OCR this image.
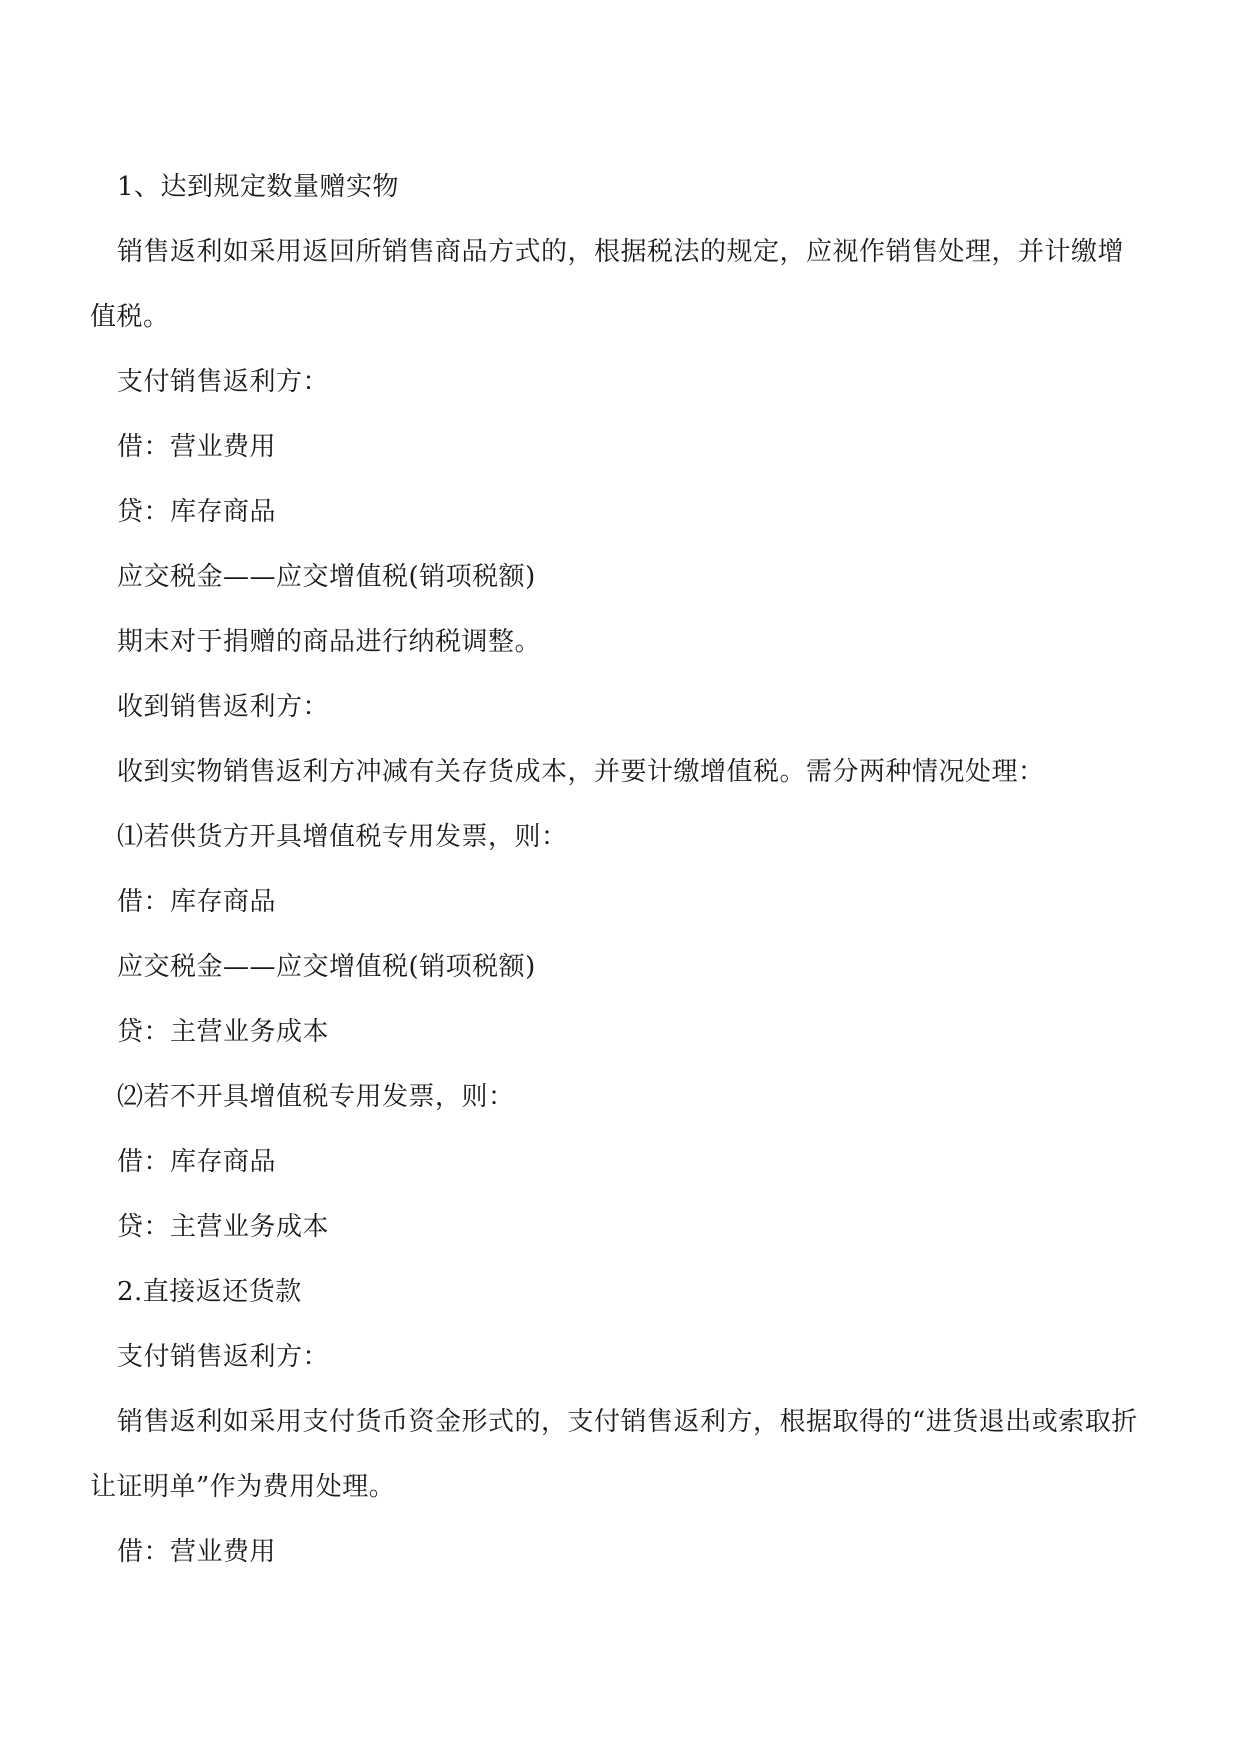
1、达到规定数量赠实物

销售返利如采用返回所销售商品方式的，根据税法的规定，应视作销售处理，并计缴增值税。

支付销售返利方：

借：营业费用

贷：库存商品

应交税金——应交增值税(销项税额)

期末对于捐赠的商品进行纳税调整。

收到销售返利方：

收到实物销售返利方冲减有关存货成本，并要计缴增值税。需分两种情况处理：

⑴若供货方开具增值税专用发票，则：

借：库存商品

应交税金——应交增值税(销项税额)

贷：主营业务成本

⑵若不开具增值税专用发票，则：

借：库存商品

贷：主营业务成本

2.直接返还货款

支付销售返利方：

销售返利如采用支付货币资金形式的，支付销售返利方，根据取得的“进货退出或索取折让证明单”作为费用处理。

借：营业费用
